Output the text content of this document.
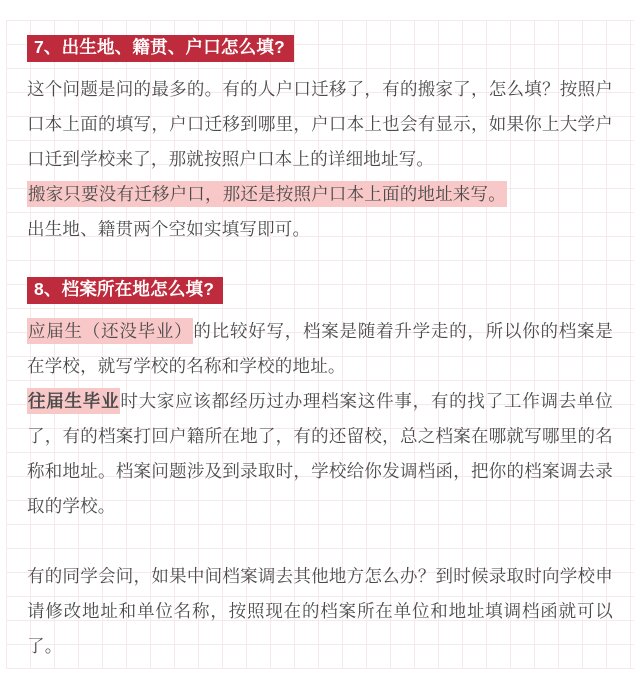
7、出生地、籍贯、户口怎么填?

这个问题是问的最多的。有的人户口迁移了，有的搬家了，怎么填？按照户口本上面的填写，户口迁移到哪里，户口本上也会有显示，如果你上大学户口迁到学校来了，那就按照户口本上的详细地址写。

搬家只要没有迁移户口，那还是按照户口本上面的地址来写。

出生地、籍贯两个空如实填写即可。

8、档案所在地怎么填?

应届生（还没毕业）的比较好写，档案是随着升学走的，所以你的档案是在学校，就写学校的名称和学校的地址。

往届生毕业时大家应该都经历过办理档案这件事，有的找了工作调去单位了，有的档案打回户籍所在地了，有的还留校，总之档案在哪就写哪里的名称和地址。档案问题涉及到录取时，学校给你发调档函，把你的档案调去录取的学校。

有的同学会问，如果中间档案调去其他地方怎么办？到时候录取时向学校申请修改地址和单位名称，按照现在的档案所在单位和地址填调档函就可以了。
